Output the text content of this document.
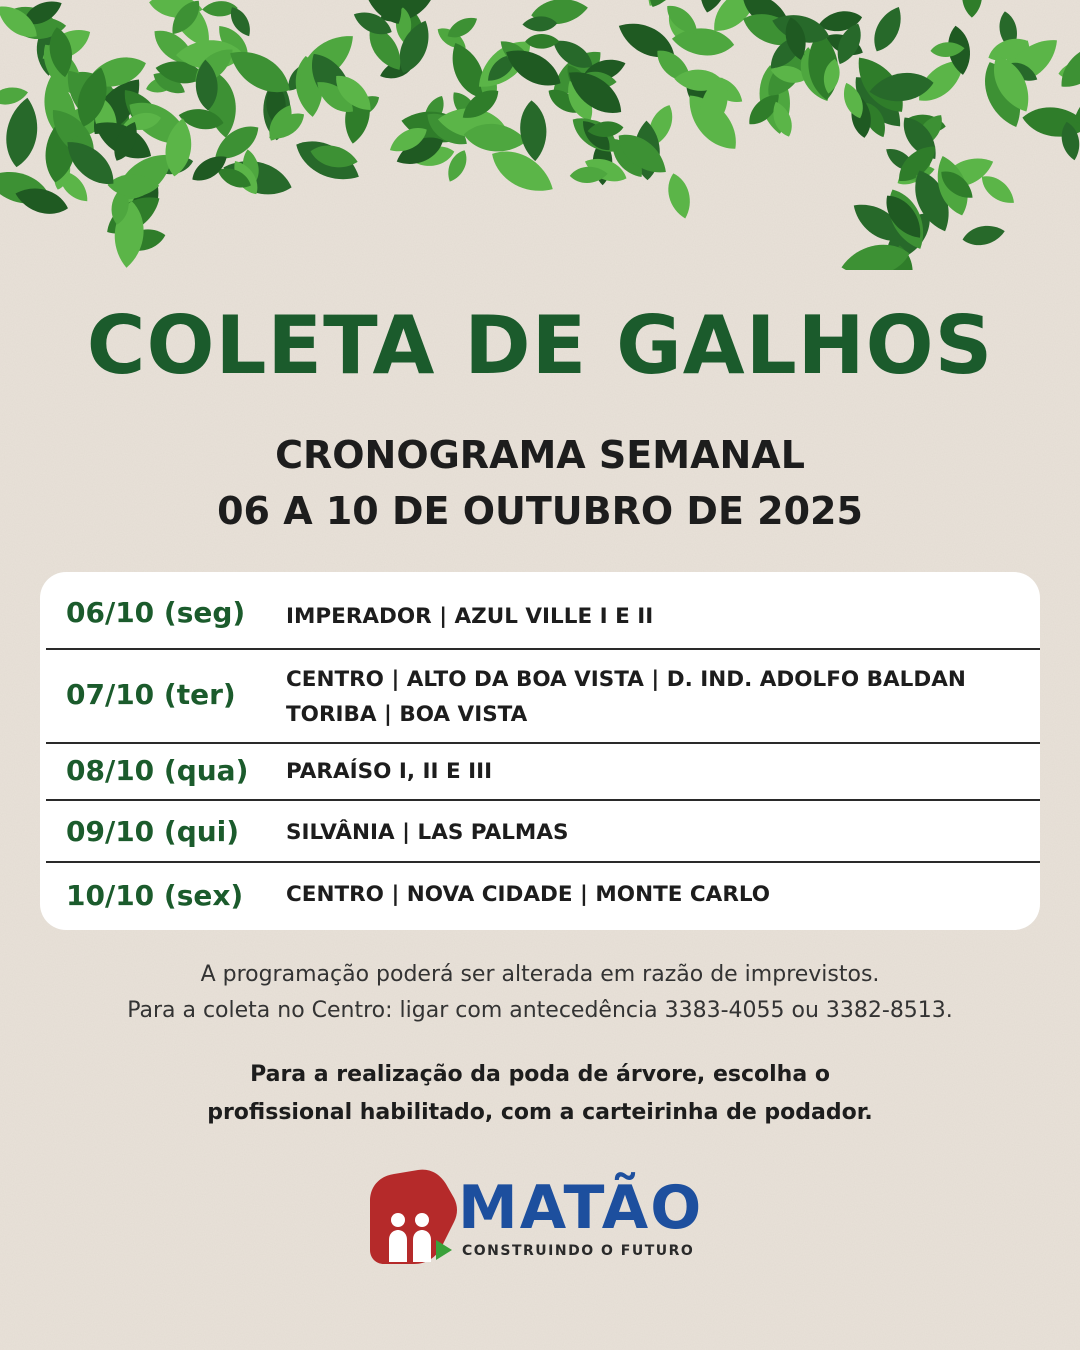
COLETA DE GALHOS
CRONOGRAMA SEMANAL
06 A 10 DE OUTUBRO DE 2025
06/10 (seg) IMPERADOR | AZUL VILLE I E II
07/10 (ter) CENTRO | ALTO DA BOA VISTA | D. IND. ADOLFO BALDAN
TORIBA | BOA VISTA
08/10 (qua) PARAÍSO I, II E III
09/10 (qui) SILVÂNIA | LAS PALMAS
10/10 (sex) CENTRO | NOVA CIDADE | MONTE CARLO
A programação poderá ser alterada em razão de imprevistos.
Para a coleta no Centro: ligar com antecedência 3383-4055 ou 3382-8513.
Para a realização da poda de árvore, escolha o
profissional habilitado, com a carteirinha de podador.
MATÃO
CONSTRUINDO O FUTURO
